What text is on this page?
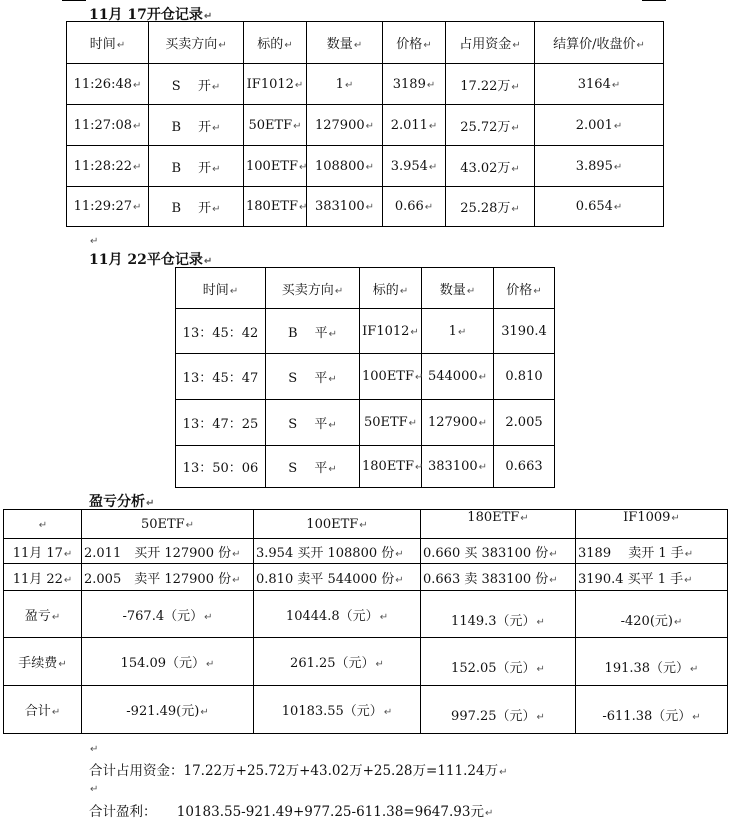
11月 17开仓记录↵
时间↵	买卖方向↵	标的↵	数量↵	价格↵	占用资金↵	结算价/收盘价↵
11:26:48↵	S　 开↵	IF1012↵	1↵	3189↵	17.22万↵	3164↵
11:27:08↵	B　 开↵	50ETF↵	127900↵	2.011↵	25.72万↵	2.001↵
11:28:22↵	B　 开↵	100ETF↵	108800↵	3.954↵	43.02万↵	3.895↵
11:29:27↵	B　 开↵	180ETF↵	383100↵	0.66↵	25.28万↵	0.654↵
↵
11月 22平仓记录↵
时间↵	买卖方向↵	标的↵	数量↵	价格↵
13：45：42	B　 平↵	IF1012↵	1↵	3190.4
13：45：47	S　 平↵	100ETF↵	544000↵	0.810
13：47：25	S　 平↵	50ETF↵	127900↵	2.005
13：50：06	S　 平↵	180ETF↵	383100↵	0.663
盈亏分析↵
↵	50ETF↵	100ETF↵	180ETF↵	IF1009↵
11月 17↵	2.011　买开 127900 份↵	3.954 买开 108800 份↵	0.660 买 383100 份↵	3189　 卖开 1 手↵
11月 22↵	2.005　卖平 127900 份↵	0.810 卖平 544000 份↵	0.663 卖 383100 份↵	3190.4 买平 1 手↵
盈亏↵	-767.4（元）↵	10444.8（元）↵	1149.3（元）↵	-420(元)↵
手续费↵	154.09（元）↵	261.25（元）↵	152.05（元）↵	191.38（元）↵
合计↵	-921.49(元)↵	10183.55（元）↵	997.25（元）↵	-611.38（元）↵
↵
合计占用资金：17.22万+25.72万+43.02万+25.28万=111.24万↵
↵
合计盈利：　　10183.55-921.49+977.25-611.38=9647.93元↵
